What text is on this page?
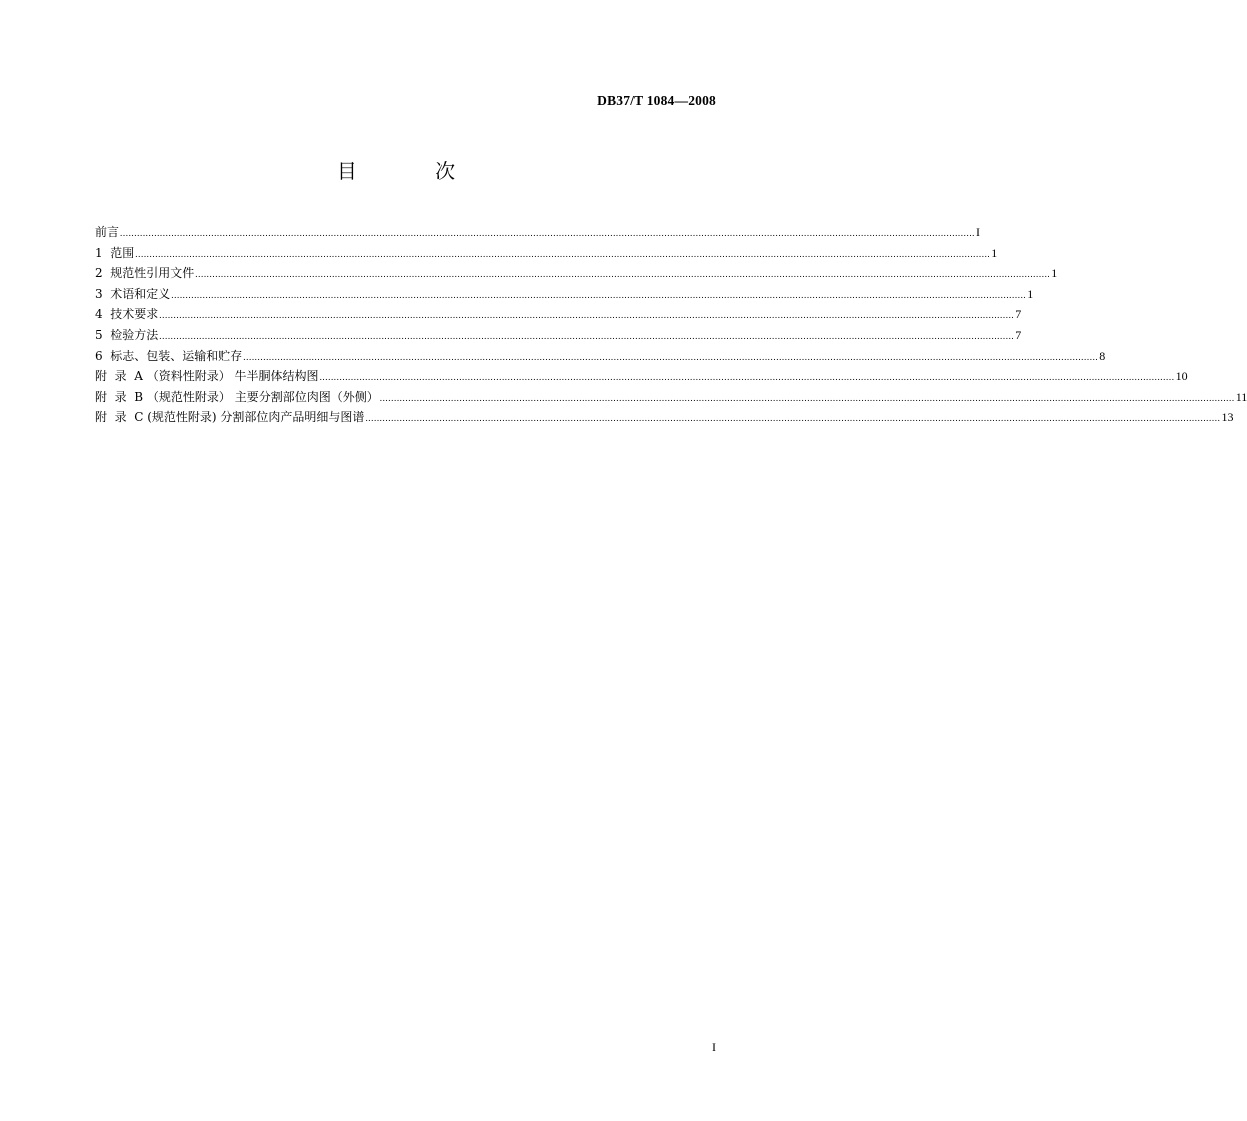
DB37/T 1084—2008
目 次
前言 ............................................................................................................................................................................................................................................................................................................ I
1  范围 ............................................................................................................................................................................................................................................................................................................ 1
2  规范性引用文件 ............................................................................................................................................................................................................................................................................................................ 1
3  术语和定义 ............................................................................................................................................................................................................................................................................................................ 1
4  技术要求 ............................................................................................................................................................................................................................................................................................................ 7
5  检验方法 ............................................................................................................................................................................................................................................................................................................ 7
6  标志、包装、运输和贮存 ............................................................................................................................................................................................................................................................................................................ 8
附  录  A （资料性附录） 牛半胴体结构图 ............................................................................................................................................................................................................................................................................................................ 10
附  录  B （规范性附录） 主要分割部位肉图（外侧） ............................................................................................................................................................................................................................................................................................................ 11
附  录  C (规范性附录) 分割部位肉产品明细与图谱 ............................................................................................................................................................................................................................................................................................................ 13
I
